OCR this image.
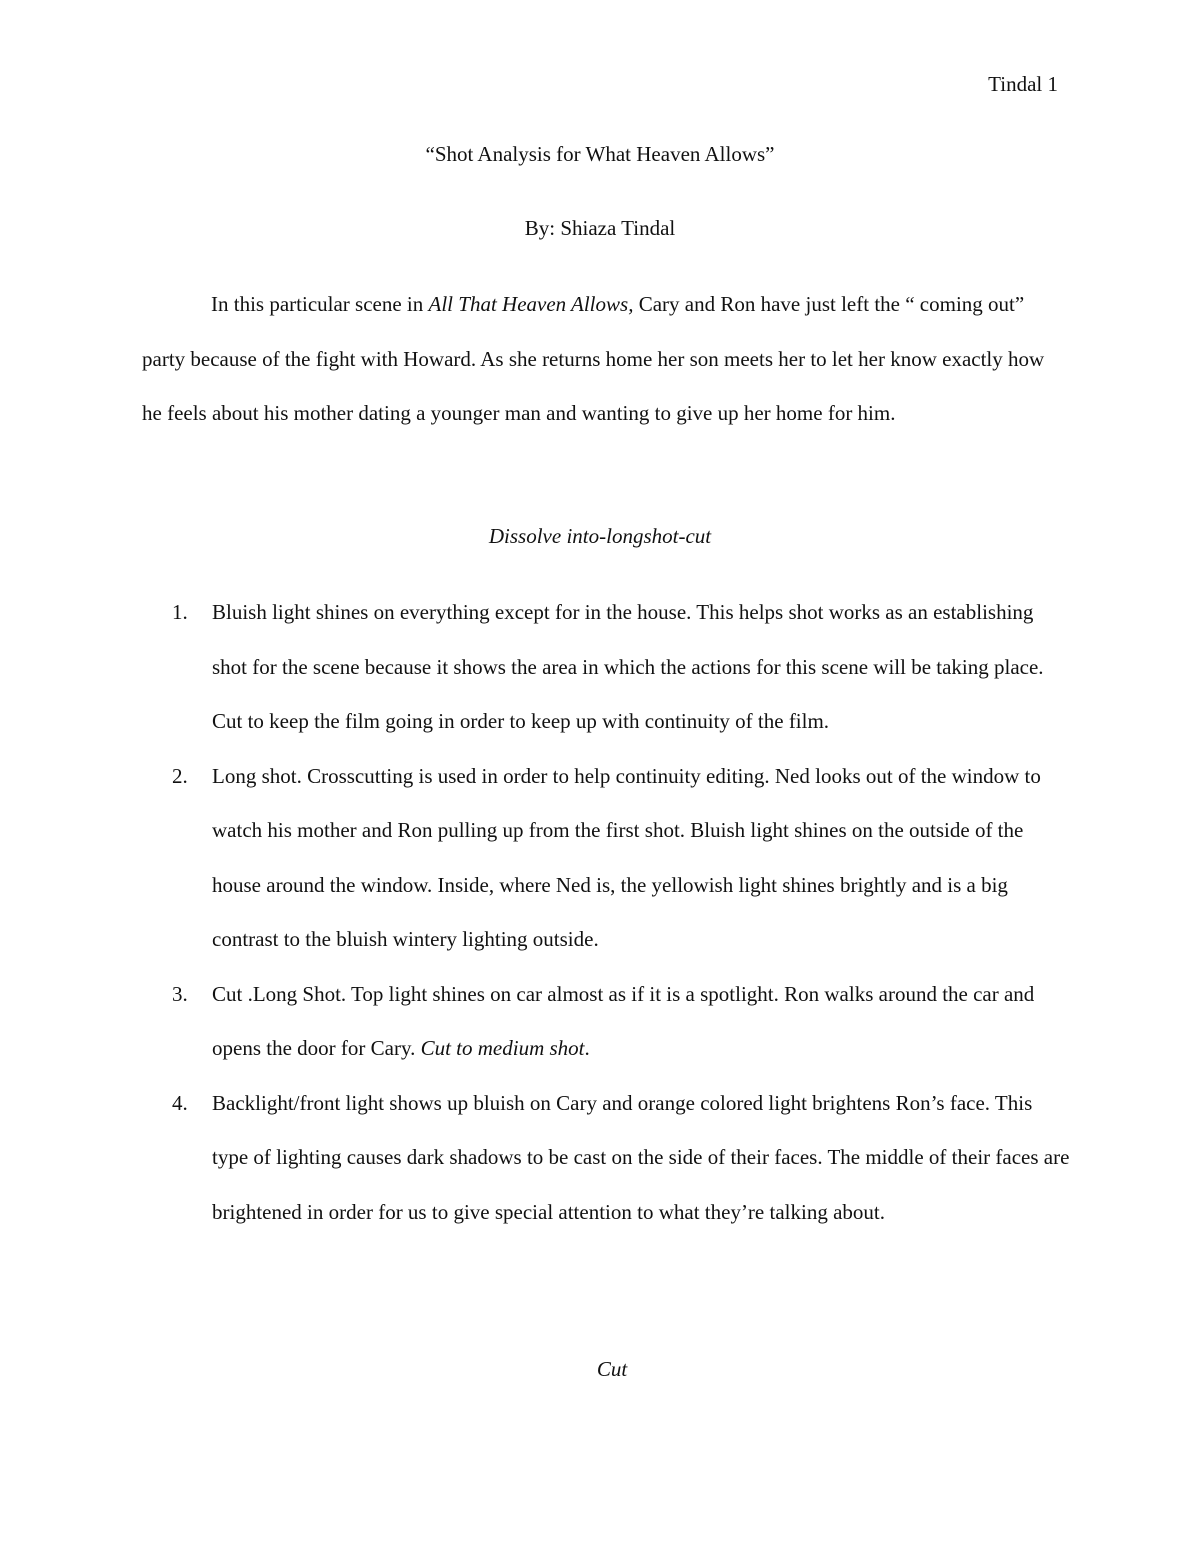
Tindal 1
“Shot Analysis for What Heaven Allows”
By: Shiaza Tindal

In this particular scene in All That Heaven Allows, Cary and Ron have just left the “ coming out” party because of the fight with Howard. As she returns home her son meets her to let her know exactly how he feels about his mother dating a younger man and wanting to give up her home for him.

Dissolve into-longshot-cut
1. Bluish light shines on everything except for in the house. This helps shot works as an establishing shot for the scene because it shows the area in which the actions for this scene will be taking place. Cut to keep the film going in order to keep up with continuity of the film.
2. Long shot. Crosscutting is used in order to help continuity editing. Ned looks out of the window to watch his mother and Ron pulling up from the first shot. Bluish light shines on the outside of the house around the window. Inside, where Ned is, the yellowish light shines brightly and is a big contrast to the bluish wintery lighting outside.
3. Cut .Long Shot. Top light shines on car almost as if it is a spotlight. Ron walks around the car and opens the door for Cary. Cut to medium shot.
4. Backlight/front light shows up bluish on Cary and orange colored light brightens Ron’s face. This type of lighting causes dark shadows to be cast on the side of their faces. The middle of their faces are brightened in order for us to give special attention to what they’re talking about.
Cut
